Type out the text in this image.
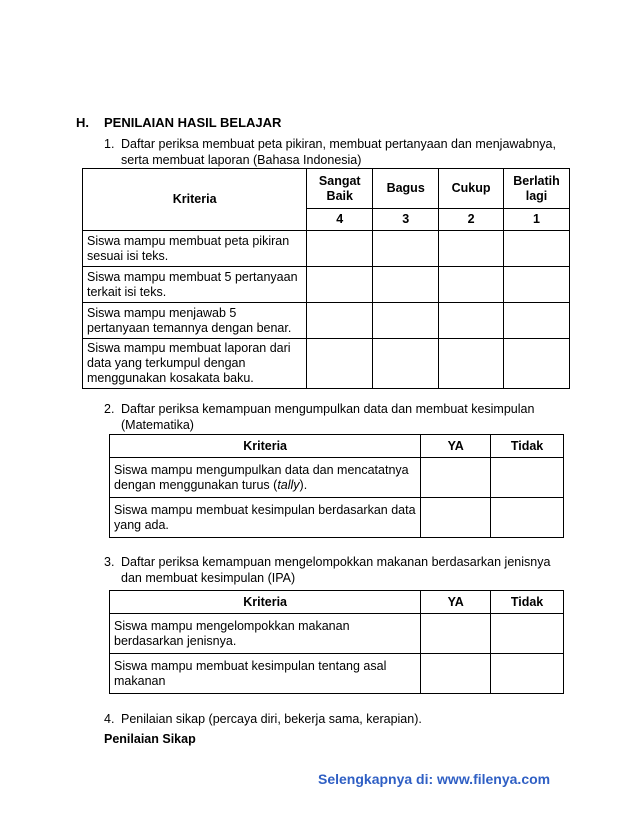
H. PENILAIAN HASIL BELAJAR
1. Daftar periksa membuat peta pikiran, membuat pertanyaan dan menjawabnya,
serta membuat laporan (Bahasa Indonesia)
Kriteria	Sangat Baik	Bagus	Cukup	Berlatih lagi
	4	3	2	1
Siswa mampu membuat peta pikiran sesuai isi teks.				
Siswa mampu membuat 5 pertanyaan terkait isi teks.				
Siswa mampu menjawab 5 pertanyaan temannya dengan benar.				
Siswa mampu membuat laporan dari data yang terkumpul dengan menggunakan kosakata baku.				
2. Daftar periksa kemampuan mengumpulkan data dan membuat kesimpulan
(Matematika)
Kriteria	YA	Tidak
Siswa mampu mengumpulkan data dan mencatatnya dengan menggunakan turus (tally).		
Siswa mampu membuat kesimpulan berdasarkan data yang ada.		
3. Daftar periksa kemampuan mengelompokkan makanan berdasarkan jenisnya
dan membuat kesimpulan (IPA)
Kriteria	YA	Tidak
Siswa mampu mengelompokkan makanan berdasarkan jenisnya.		
Siswa mampu membuat kesimpulan tentang asal makanan		
4. Penilaian sikap (percaya diri, bekerja sama, kerapian).
Penilaian Sikap
Selengkapnya di: www.filenya.com
